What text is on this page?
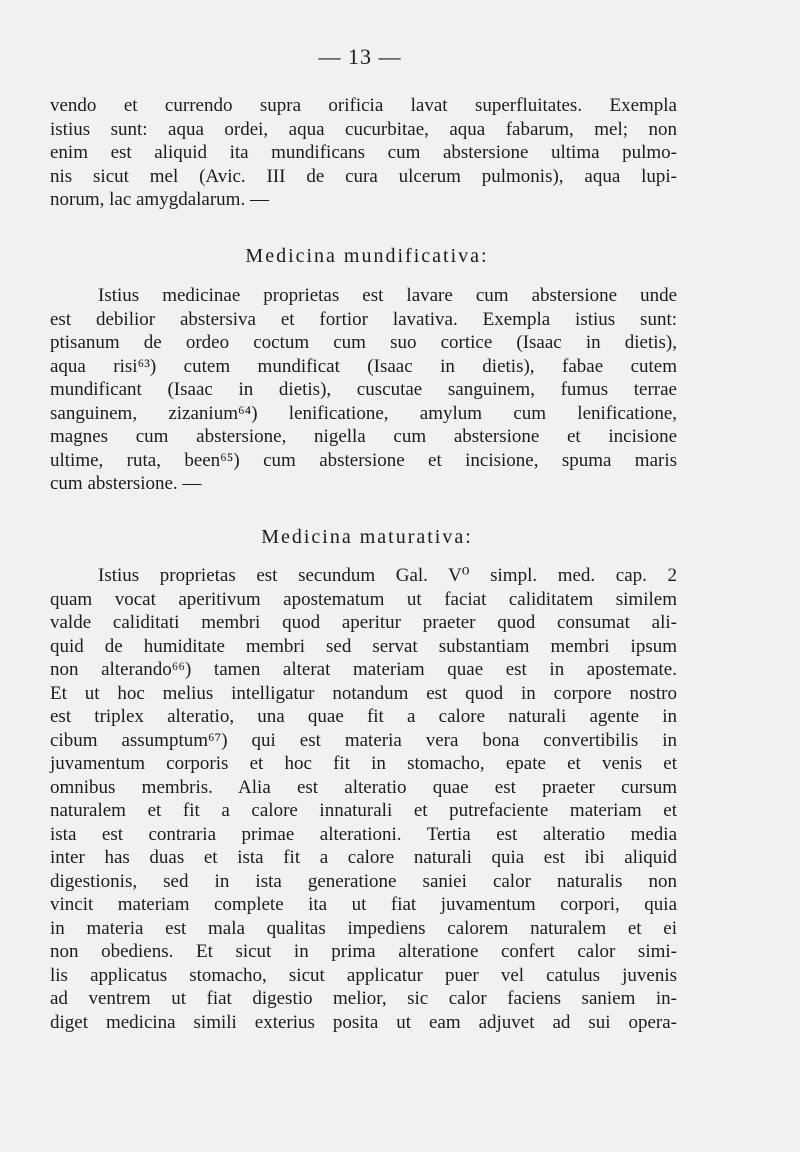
— 13 —

vendo et currendo supra orificia lavat superfluitates. Exempla
istius sunt: aqua ordei, aqua cucurbitae, aqua fabarum, mel; non
enim est aliquid ita mundificans cum abstersione ultima pulmo-
nis sicut mel (Avic. III de cura ulcerum pulmonis), aqua lupi-
norum, lac amygdalarum. —

Medicina mundificativa:

Istius medicinae proprietas est lavare cum abstersione unde
est debilior abstersiva et fortior lavativa. Exempla istius sunt:
ptisanum de ordeo coctum cum suo cortice (Isaac in dietis),
aqua risi⁶³) cutem mundificat (Isaac in dietis), fabae cutem
mundificant (Isaac in dietis), cuscutae sanguinem, fumus terrae
sanguinem, zizanium⁶⁴) lenificatione, amylum cum lenificatione,
magnes cum abstersione, nigella cum abstersione et incisione
ultime, ruta, been⁶⁵) cum abstersione et incisione, spuma maris
cum abstersione. —

Medicina maturativa:

Istius proprietas est secundum Gal. V⁰ simpl. med. cap. 2
quam vocat aperitivum apostematum ut faciat caliditatem similem
valde caliditati membri quod aperitur praeter quod consumat ali-
quid de humiditate membri sed servat substantiam membri ipsum
non alterando⁶⁶) tamen alterat materiam quae est in apostemate.
Et ut hoc melius intelligatur notandum est quod in corpore nostro
est triplex alteratio, una quae fit a calore naturali agente in
cibum assumptum⁶⁷) qui est materia vera bona convertibilis in
juvamentum corporis et hoc fit in stomacho, epate et venis et
omnibus membris. Alia est alteratio quae est praeter cursum
naturalem et fit a calore innaturali et putrefaciente materiam et
ista est contraria primae alterationi. Tertia est alteratio media
inter has duas et ista fit a calore naturali quia est ibi aliquid
digestionis, sed in ista generatione saniei calor naturalis non
vincit materiam complete ita ut fiat juvamentum corpori, quia
in materia est mala qualitas impediens calorem naturalem et ei
non obediens. Et sicut in prima alteratione confert calor simi-
lis applicatus stomacho, sicut applicatur puer vel catulus juvenis
ad ventrem ut fiat digestio melior, sic calor faciens saniem in-
diget medicina simili exterius posita ut eam adjuvet ad sui opera-
